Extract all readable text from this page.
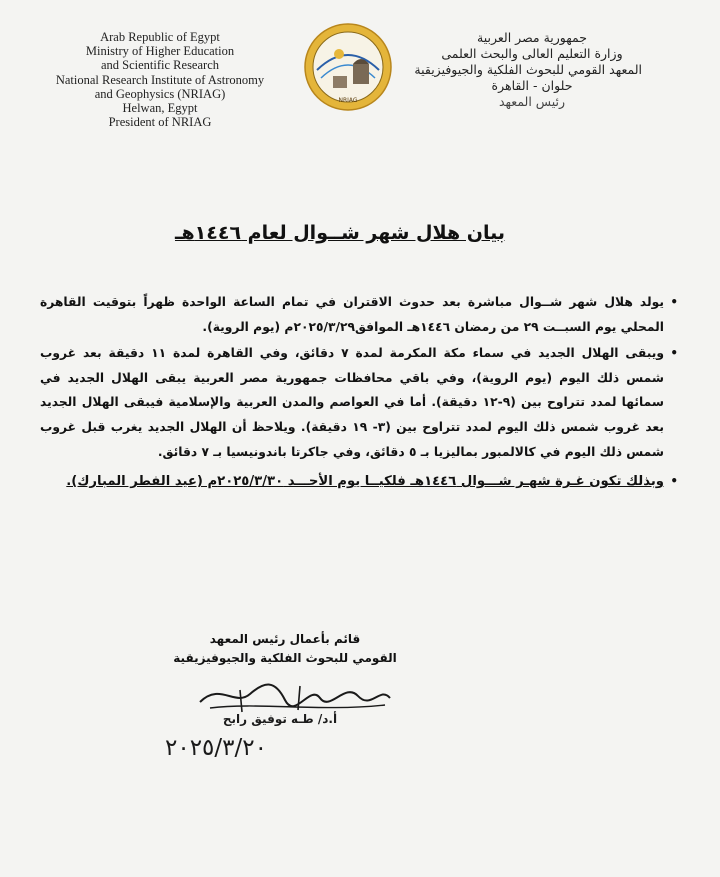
Arab Republic of Egypt
Ministry of Higher Education
and Scientific Research
National Research Institute of Astronomy
and Geophysics (NRIAG)
Helwan, Egypt
President of NRIAG
NRIAG
جمهورية مصر العربية
وزارة التعليم العالى والبحث العلمى
المعهد القومي للبحوث الفلكية والجيوفيزيقية
حلوان - القاهرة
رئيس المعهد
بيان هلال شهر شــوال لعام ١٤٤٦هـ

•
يولد هلال شهر شــوال مباشرة بعد حدوث الاقتران في تمام الساعة الواحدة ظهراً بتوقيت القاهرة المحلي يوم السبــت ٢٩ من رمضان ١٤٤٦هـ الموافق٢٠٢٥/٣/٢٩م (يوم الروية).

•
ويبقى الهلال الجديد في سماء مكة المكرمة لمدة ٧ دقائق، وفي القاهرة لمدة ١١ دقيقة بعد غروب شمس ذلك اليوم (يوم الروية)، وفي باقي محافظات جمهورية مصر العربية يبقى الهلال الجديد في سمائها لمدد تتراوح بين (٩-١٢ دقيقة). أما في العواصم والمدن العربية والإسلامية فيبقى الهلال الجديد بعد غروب شمس ذلك اليوم لمدد تتراوح بين (٣- ١٩ دقيقة). ويلاحظ أن الهلال الجديد يغرب قبل غروب شمس ذلك اليوم في كالالمبور بماليزيا بـ ٥ دقائق، وفي جاكرتا باندونيسيا بـ ٧ دقائق.

•
وبذلك تكون غـرة شهـر شـــوال ١٤٤٦هـ فلكيــا يوم الأحـــد ٢٠٢٥/٣/٣٠م (عيد الفطر المبارك).

قائم بأعمال رئيس المعهد
القومي للبحوث الفلكية والجيوفيزيقية
أ.د/ طـه توفيق رابح
٢٠٢٥/٣/٢٠
